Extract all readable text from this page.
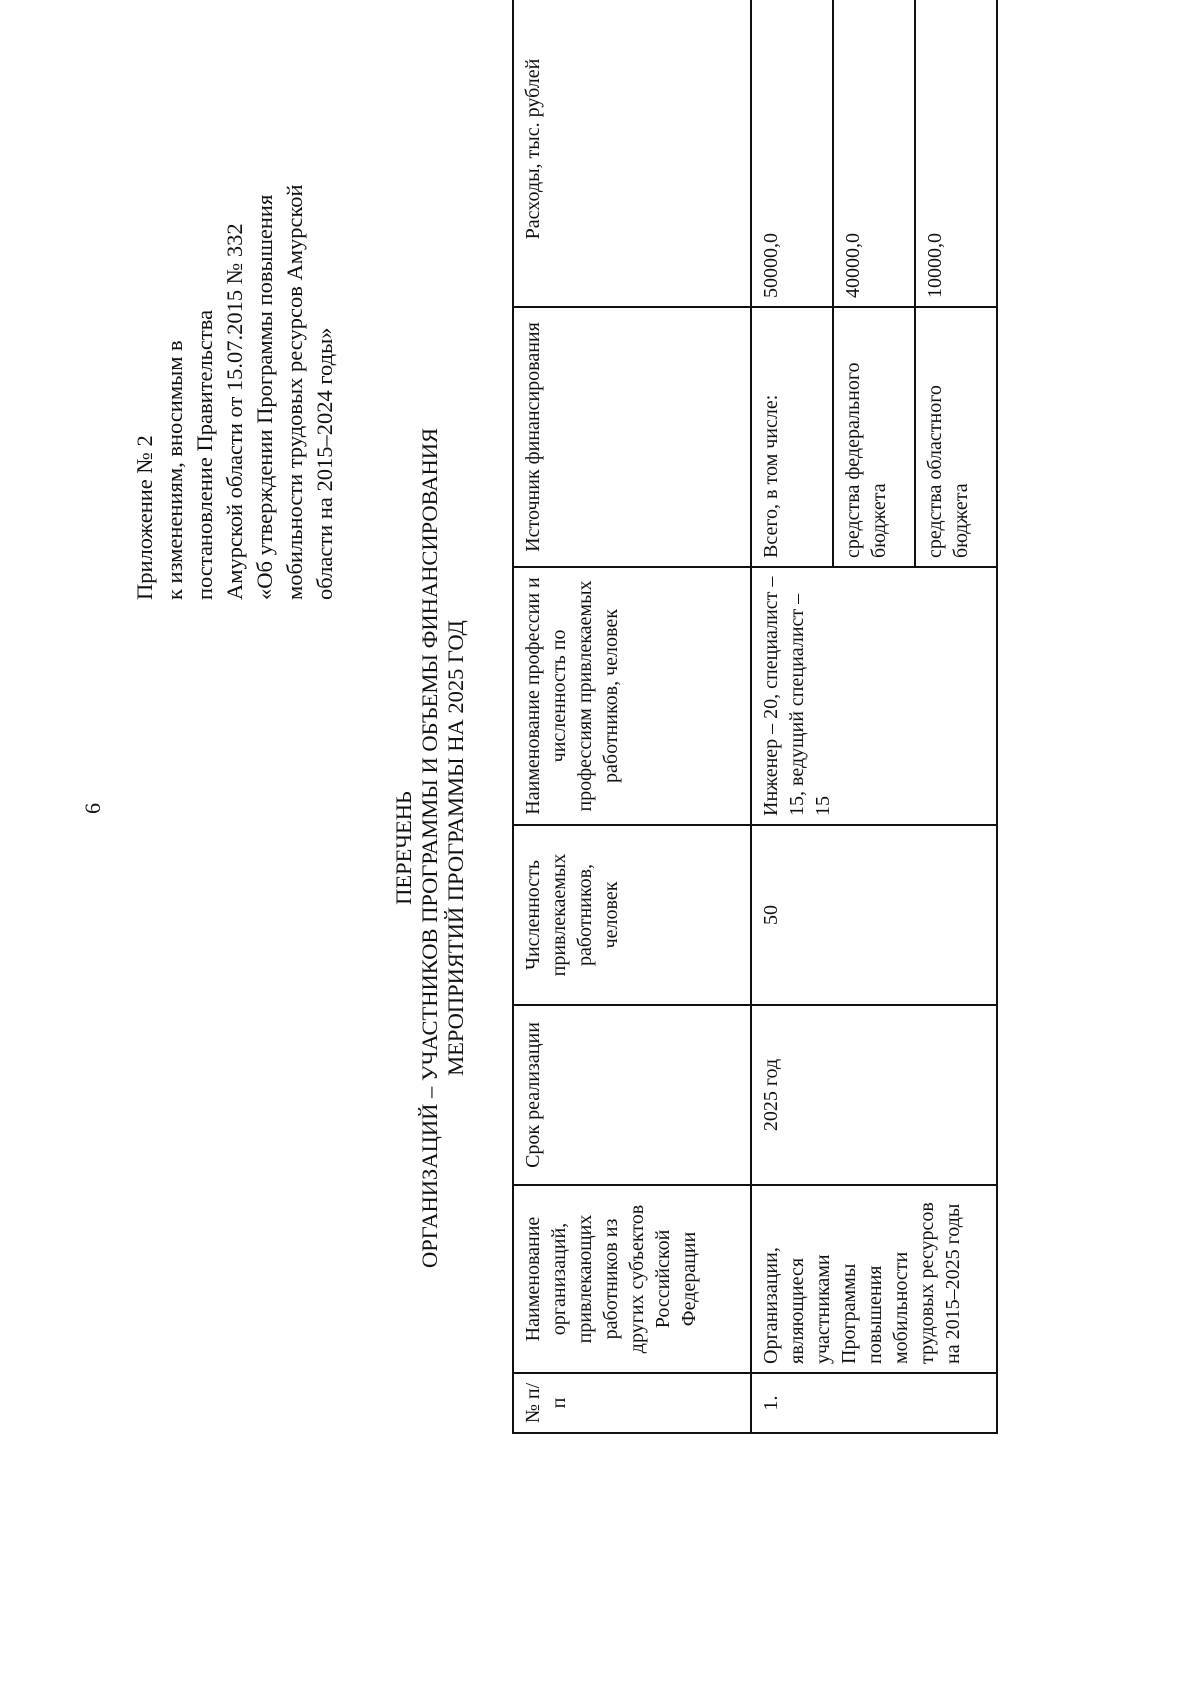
6
Приложение № 2 к изменениям, вносимым в постановление Правительства Амурской области от 15.07.2015 № 332 «Об утверждении Программы повышения мобильности трудовых ресурсов Амурской области на 2015–2024 годы»
ПЕРЕЧЕНЬ ОРГАНИЗАЦИЙ – УЧАСТНИКОВ ПРОГРАММЫ И ОБЪЕМЫ ФИНАНСИРОВАНИЯ МЕРОПРИЯТИЙ ПРОГРАММЫ НА 2025 ГОД
№ п/п	Наименование организаций, привлекающих работников из других субъектов Российской Федерации	Срок реализации	Численность привлекаемых работников, человек	Наименование профессии и численность по профессиям привлекаемых работников, человек	Источник финансирования	Расходы, тыс. рублей
1.	Организации, являющиеся участниками Программы повышения мобильности трудовых ресурсов на 2015–2025 годы	2025 год	50	Инженер – 20, специалист – 15, ведущий специалист – 15	Всего, в том числе:	50000,0
					средства федерального бюджета	40000,0
					средства областного бюджета	10000,0
